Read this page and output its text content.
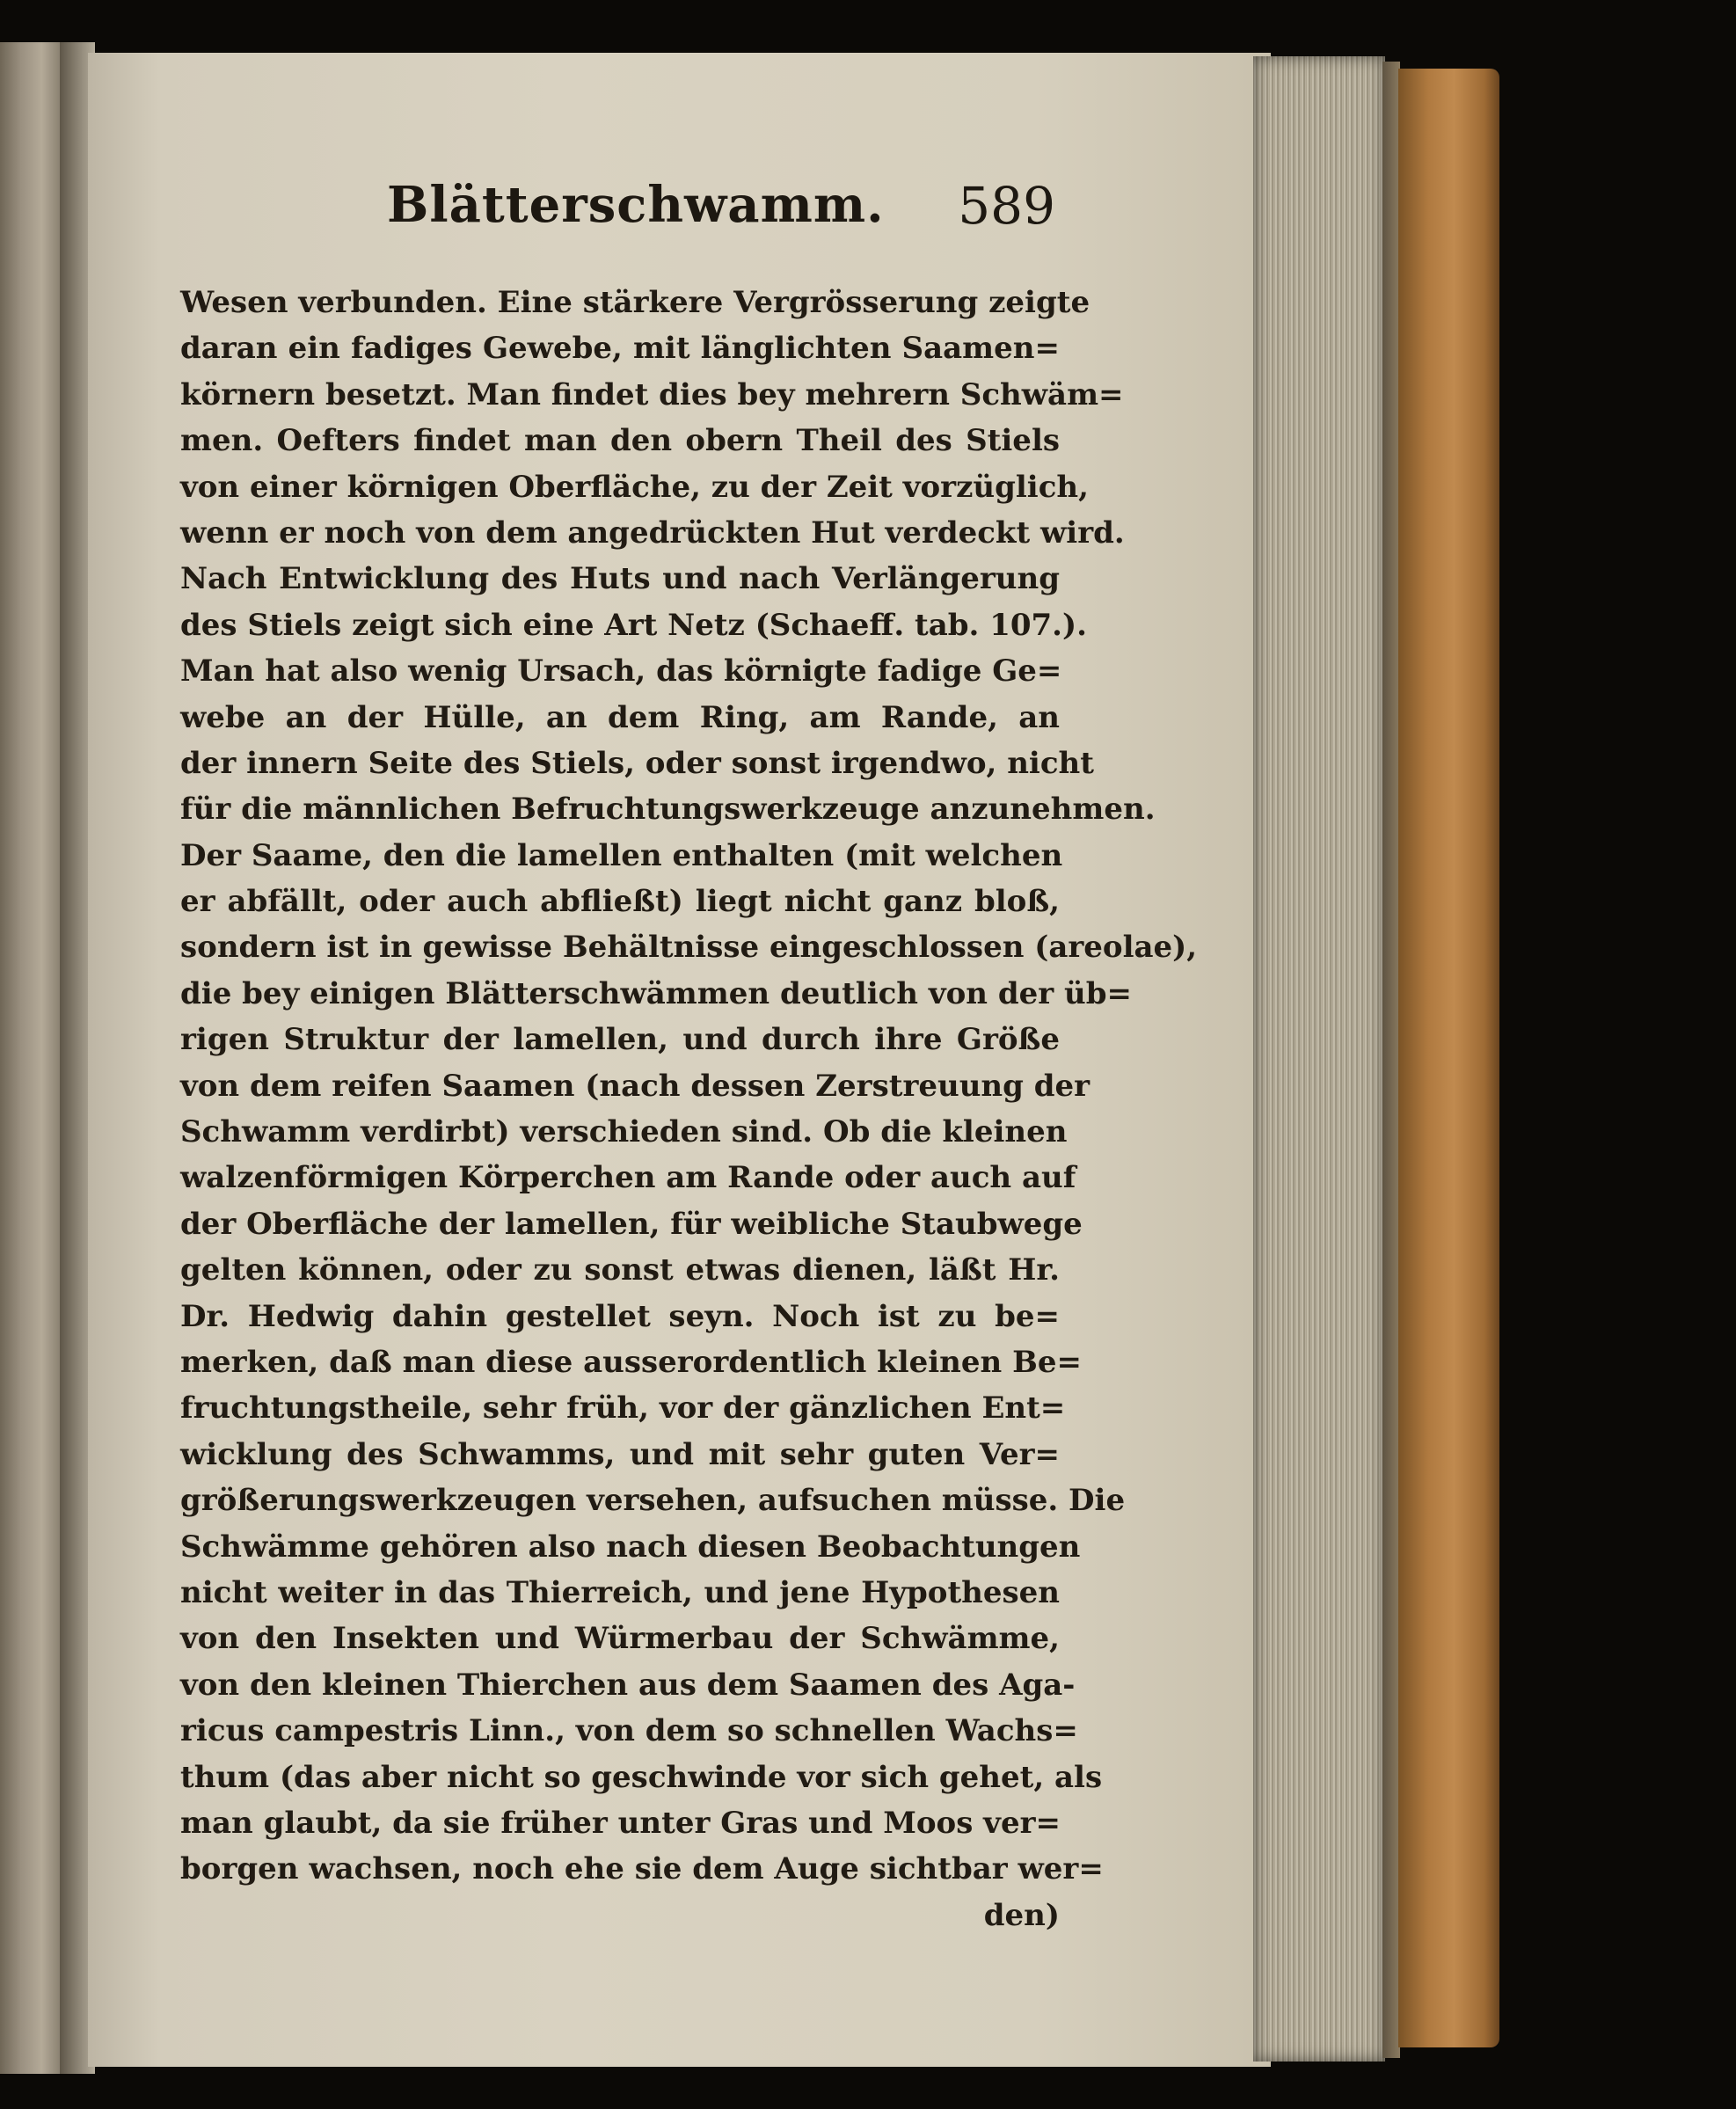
Blätterschwamm. 589
Wesen verbunden. Eine stärkere Vergrösserung zeigte
daran ein fadiges Gewebe, mit länglichten Saamen=
körnern besetzt. Man findet dies bey mehrern Schwäm=
men. Oefters findet man den obern Theil des Stiels
von einer körnigen Oberfläche, zu der Zeit vorzüglich,
wenn er noch von dem angedrückten Hut verdeckt wird.
Nach Entwicklung des Huts und nach Verlängerung
des Stiels zeigt sich eine Art Netz (Schaeff. tab. 107.).
Man hat also wenig Ursach, das körnigte fadige Ge=
webe an der Hülle, an dem Ring, am Rande, an
der innern Seite des Stiels, oder sonst irgendwo, nicht
für die männlichen Befruchtungswerkzeuge anzunehmen.
Der Saame, den die lamellen enthalten (mit welchen
er abfällt, oder auch abfließt) liegt nicht ganz bloß,
sondern ist in gewisse Behältnisse eingeschlossen (areolae),
die bey einigen Blätterschwämmen deutlich von der üb=
rigen Struktur der lamellen, und durch ihre Größe
von dem reifen Saamen (nach dessen Zerstreuung der
Schwamm verdirbt) verschieden sind. Ob die kleinen
walzenförmigen Körperchen am Rande oder auch auf
der Oberfläche der lamellen, für weibliche Staubwege
gelten können, oder zu sonst etwas dienen, läßt Hr.
Dr. Hedwig dahin gestellet seyn. Noch ist zu be=
merken, daß man diese ausserordentlich kleinen Be=
fruchtungstheile, sehr früh, vor der gänzlichen Ent=
wicklung des Schwamms, und mit sehr guten Ver=
größerungswerkzeugen versehen, aufsuchen müsse. Die
Schwämme gehören also nach diesen Beobachtungen
nicht weiter in das Thierreich, und jene Hypothesen
von den Insekten und Würmerbau der Schwämme,
von den kleinen Thierchen aus dem Saamen des Aga-
ricus campestris Linn., von dem so schnellen Wachs=
thum (das aber nicht so geschwinde vor sich gehet, als
man glaubt, da sie früher unter Gras und Moos ver=
borgen wachsen, noch ehe sie dem Auge sichtbar wer=
den)
